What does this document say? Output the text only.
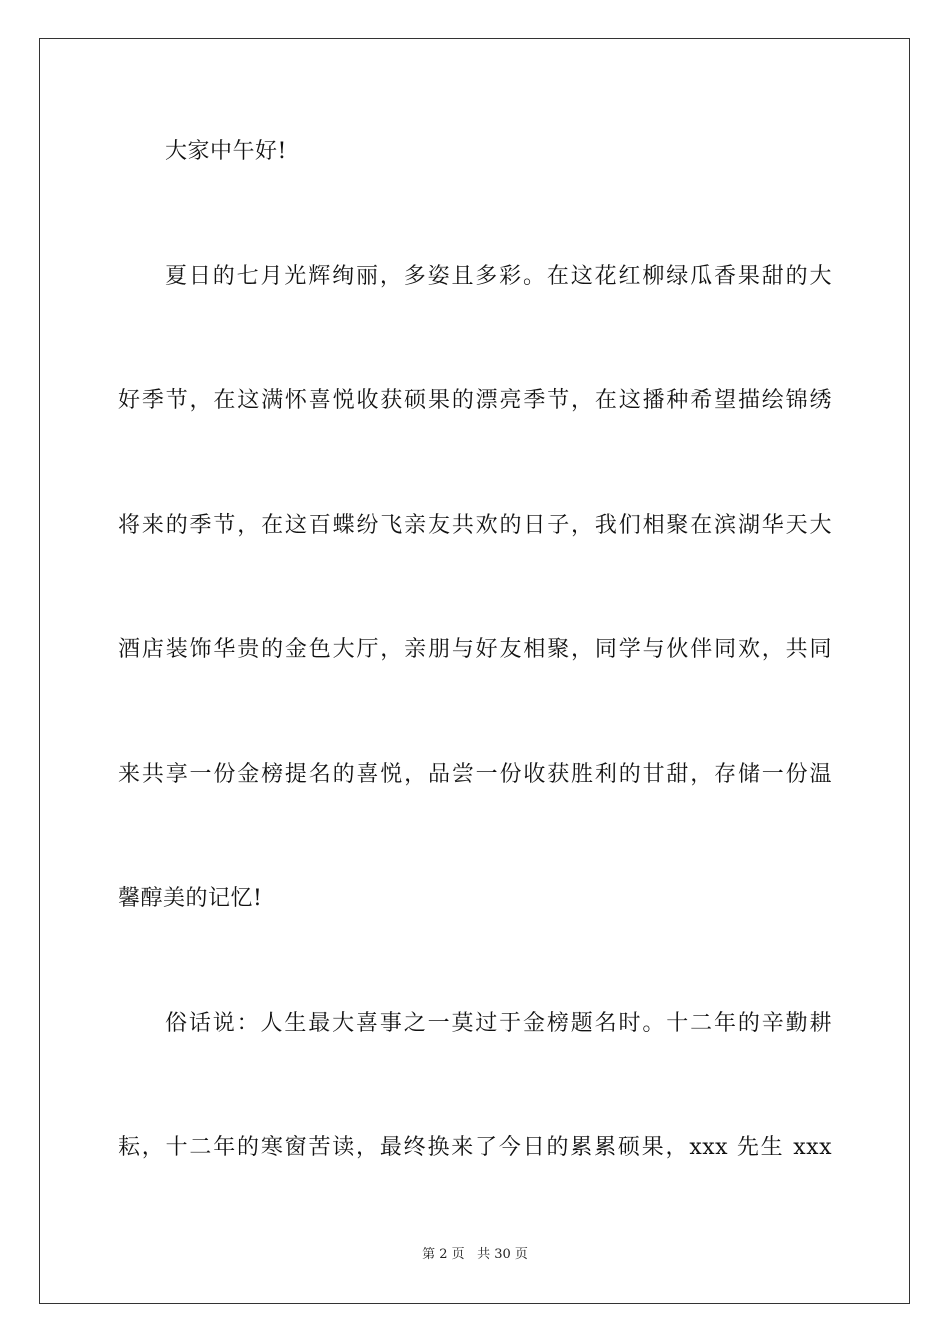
大家中午好!
夏日的七月光辉绚丽，多姿且多彩。在这花红柳绿瓜香果甜的大
好季节，在这满怀喜悦收获硕果的漂亮季节，在这播种希望描绘锦绣
将来的季节，在这百蝶纷飞亲友共欢的日子，我们相聚在滨湖华天大
酒店装饰华贵的金色大厅，亲朋与好友相聚，同学与伙伴同欢，共同
来共享一份金榜提名的喜悦，品尝一份收获胜利的甘甜，存储一份温
馨醇美的记忆!
俗话说：人生最大喜事之一莫过于金榜题名时。十二年的辛勤耕
耘，十二年的寒窗苦读，最终换来了今日的累累硕果，xxx 先生 xxx
第 2 页 共 30 页
